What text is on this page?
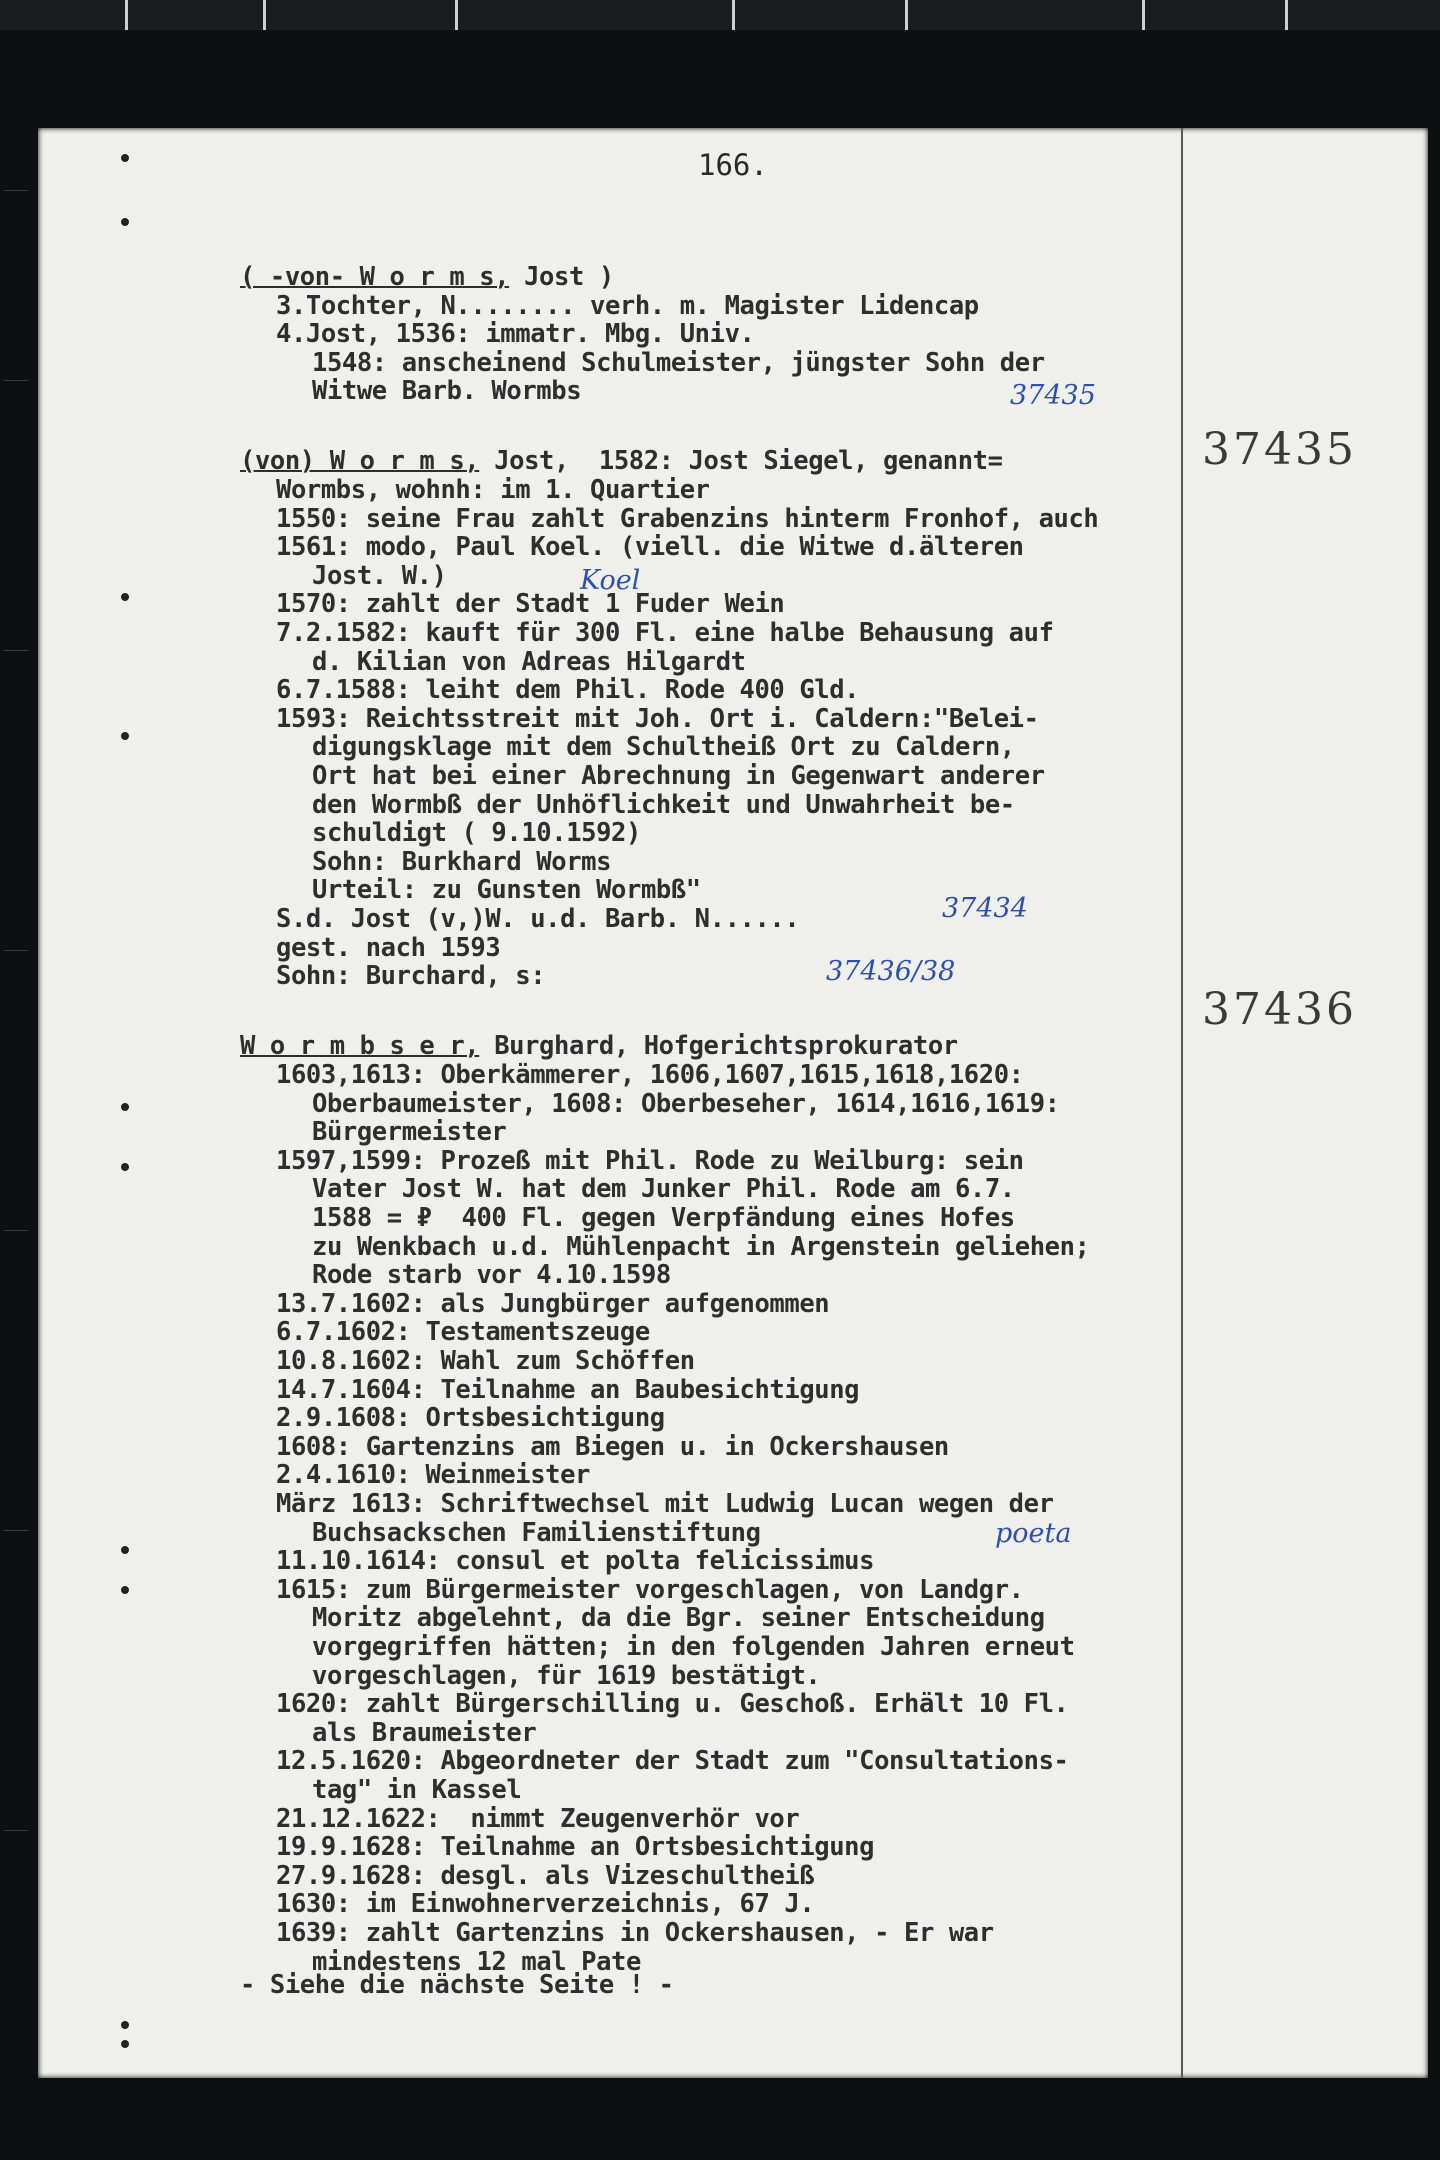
166.
( -von- W o r m s, Jost )
3.Tochter, N........ verh. m. Magister Lidencap
4.Jost, 1536: immatr. Mbg. Univ.
1548: anscheinend Schulmeister, jüngster Sohn der
Witwe Barb. Wormbs
(von) W o r m s, Jost,  1582: Jost Siegel, genannt=
Wormbs, wohnh: im 1. Quartier
1550: seine Frau zahlt Grabenzins hinterm Fronhof, auch
1561: modo, Paul Koel. (viell. die Witwe d.älteren
Jost. W.)
1570: zahlt der Stadt 1 Fuder Wein
7.2.1582: kauft für 300 Fl. eine halbe Behausung auf
d. Kilian von Adreas Hilgardt
6.7.1588: leiht dem Phil. Rode 400 Gld.
1593: Reichtsstreit mit Joh. Ort i. Caldern:"Belei-
digungsklage mit dem Schultheiß Ort zu Caldern,
Ort hat bei einer Abrechnung in Gegenwart anderer
den Wormbß der Unhöflichkeit und Unwahrheit be-
schuldigt ( 9.10.1592)
Sohn: Burkhard Worms
Urteil: zu Gunsten Wormbß"
S.d. Jost (v,)W. u.d. Barb. N......
gest. nach 1593
Sohn: Burchard, s:
W o r m b s e r, Burghard, Hofgerichtsprokurator
1603,1613: Oberkämmerer, 1606,1607,1615,1618,1620:
Oberbaumeister, 1608: Oberbeseher, 1614,1616,1619:
Bürgermeister
1597,1599: Prozeß mit Phil. Rode zu Weilburg: sein
Vater Jost W. hat dem Junker Phil. Rode am 6.7.
1588 = ₽  400 Fl. gegen Verpfändung eines Hofes
zu Wenkbach u.d. Mühlenpacht in Argenstein geliehen;
Rode starb vor 4.10.1598
13.7.1602: als Jungbürger aufgenommen
6.7.1602: Testamentszeuge
10.8.1602: Wahl zum Schöffen
14.7.1604: Teilnahme an Baubesichtigung
2.9.1608: Ortsbesichtigung
1608: Gartenzins am Biegen u. in Ockershausen
2.4.1610: Weinmeister
März 1613: Schriftwechsel mit Ludwig Lucan wegen der
Buchsackschen Familienstiftung
11.10.1614: consul et polta felicissimus
1615: zum Bürgermeister vorgeschlagen, von Landgr.
Moritz abgelehnt, da die Bgr. seiner Entscheidung
vorgegriffen hätten; in den folgenden Jahren erneut
vorgeschlagen, für 1619 bestätigt.
1620: zahlt Bürgerschilling u. Geschoß. Erhält 10 Fl.
als Braumeister
12.5.1620: Abgeordneter der Stadt zum "Consultations-
tag" in Kassel
21.12.1622:  nimmt Zeugenverhör vor
19.9.1628: Teilnahme an Ortsbesichtigung
27.9.1628: desgl. als Vizeschultheiß
1630: im Einwohnerverzeichnis, 67 J.
1639: zahlt Gartenzins in Ockershausen, - Er war
mindestens 12 mal Pate
37435
37436
37435
Koel
37434
37436/38
poeta
- Siehe die nächste Seite ! -
